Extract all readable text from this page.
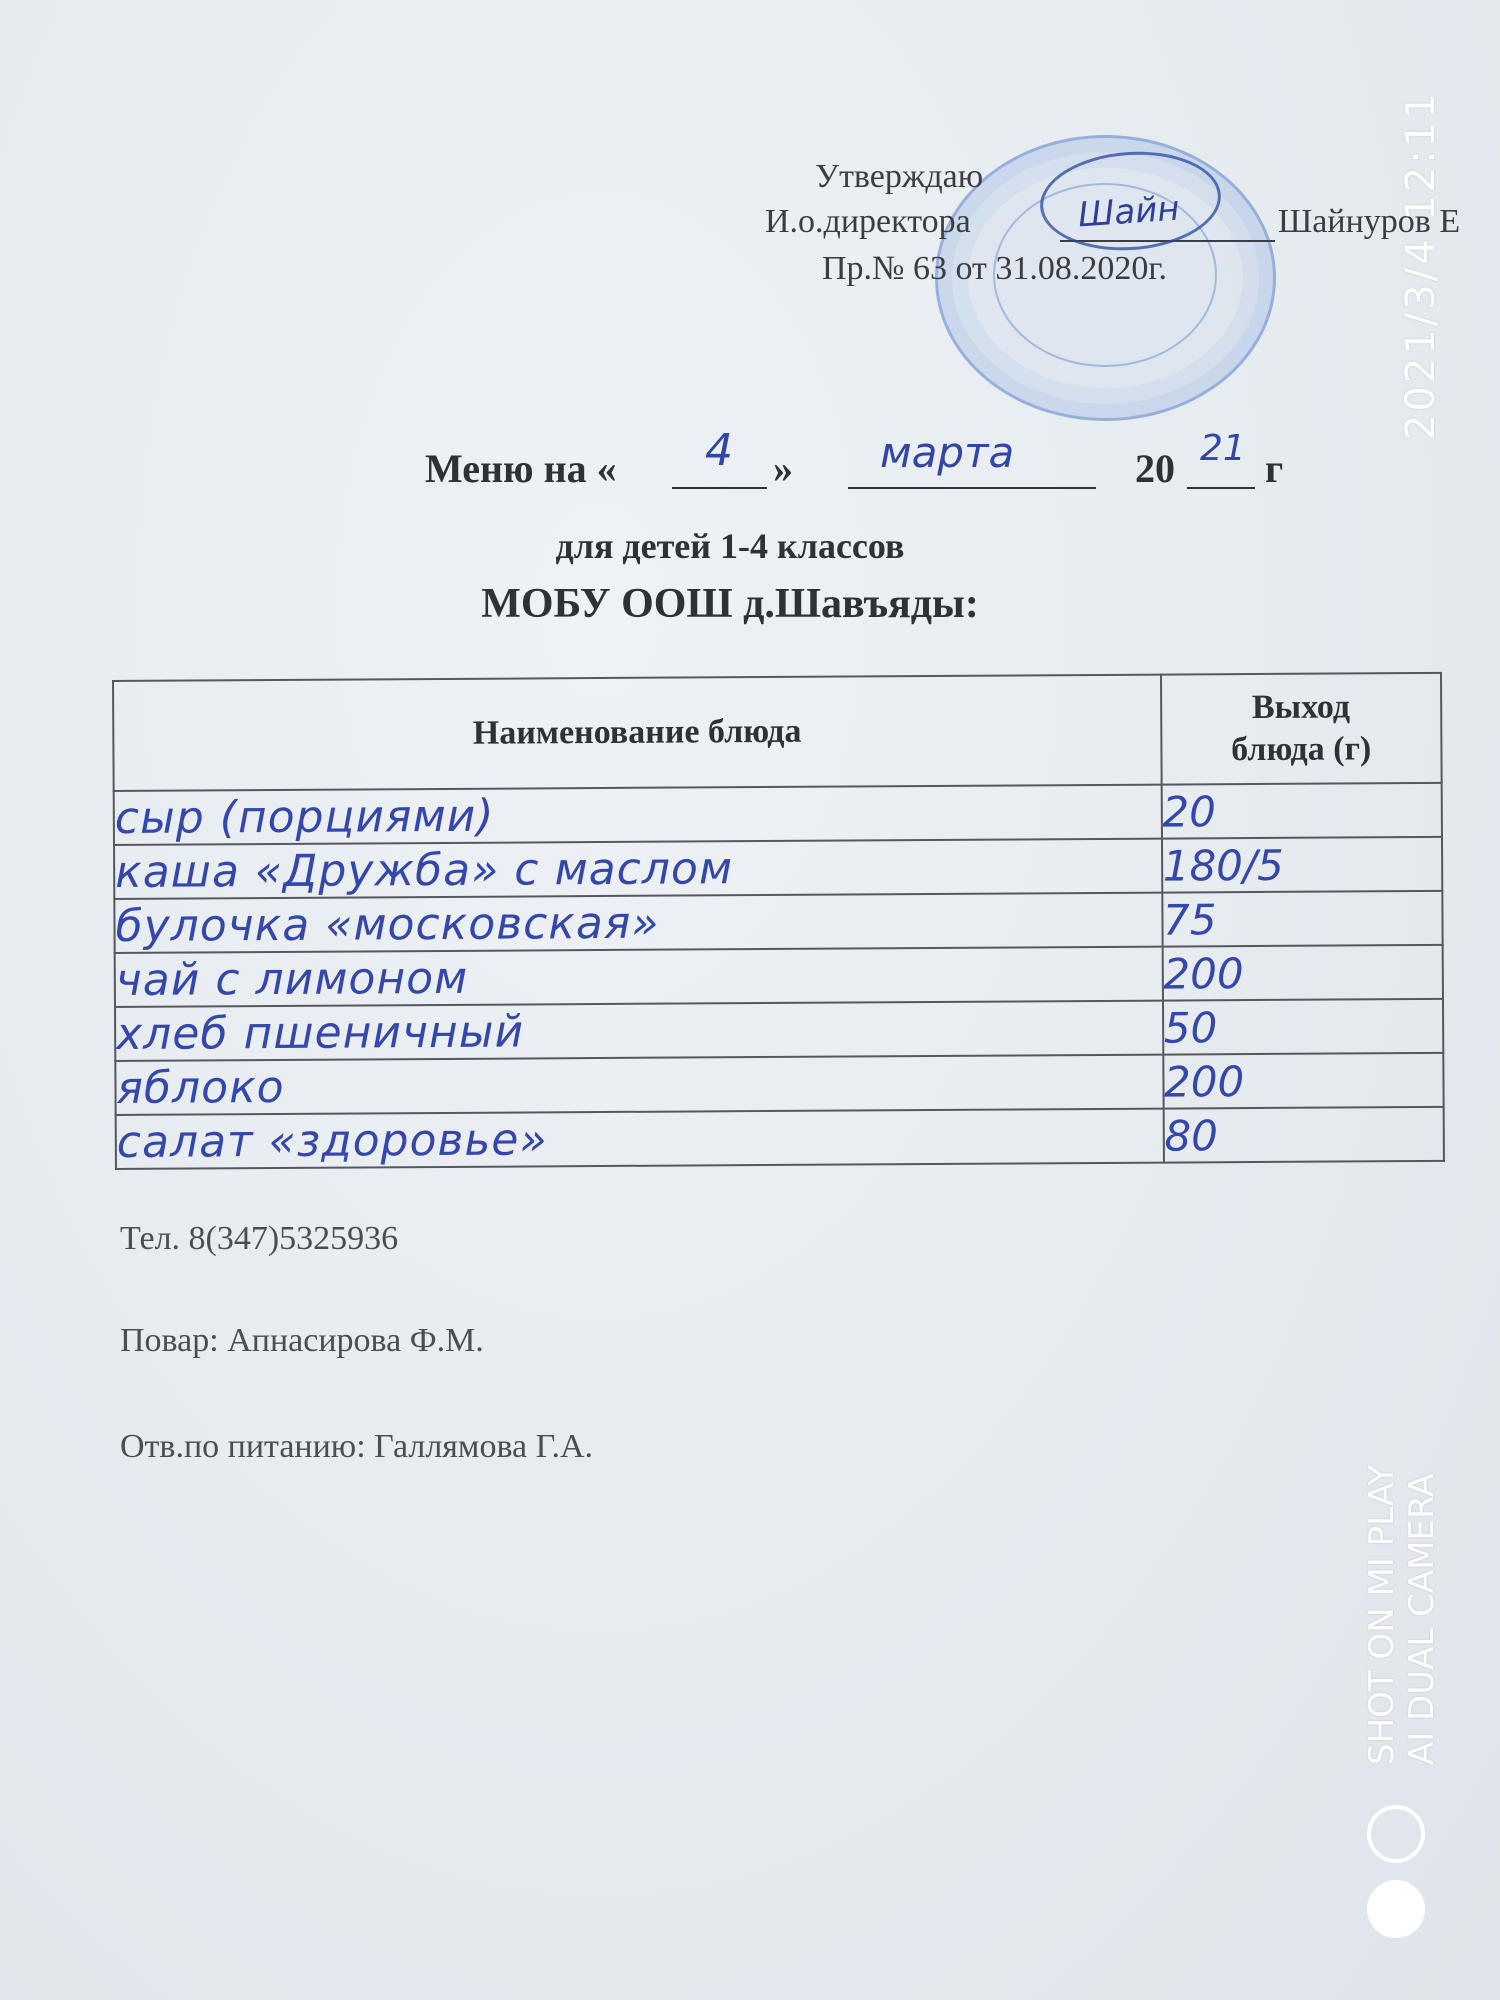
Утверждаю
И.о.директора	Шайн	Шайнуров Е
Пр.№ 63 от 31.08.2020г.
Меню на « 4 » марта	20 21 г
для детей 1-4 классов
МОБУ ООШ д.Шавъяды:
Наименование блюда	Выход
блюда (г)

сыр (порциями)	20
каша «Дружба» с маслом	180/5
булочка «московская»	75
чай с лимоном	200
хлеб пшеничный	50
яблоко	200
салат «здоровье»	80
Тел. 8(347)5325936
Повар: Апнасирова Ф.М.
Отв.по питанию: Галлямова Г.А.
2021/3/4 12:11
SHOT ON MI PLAY AI DUAL CAMERA
